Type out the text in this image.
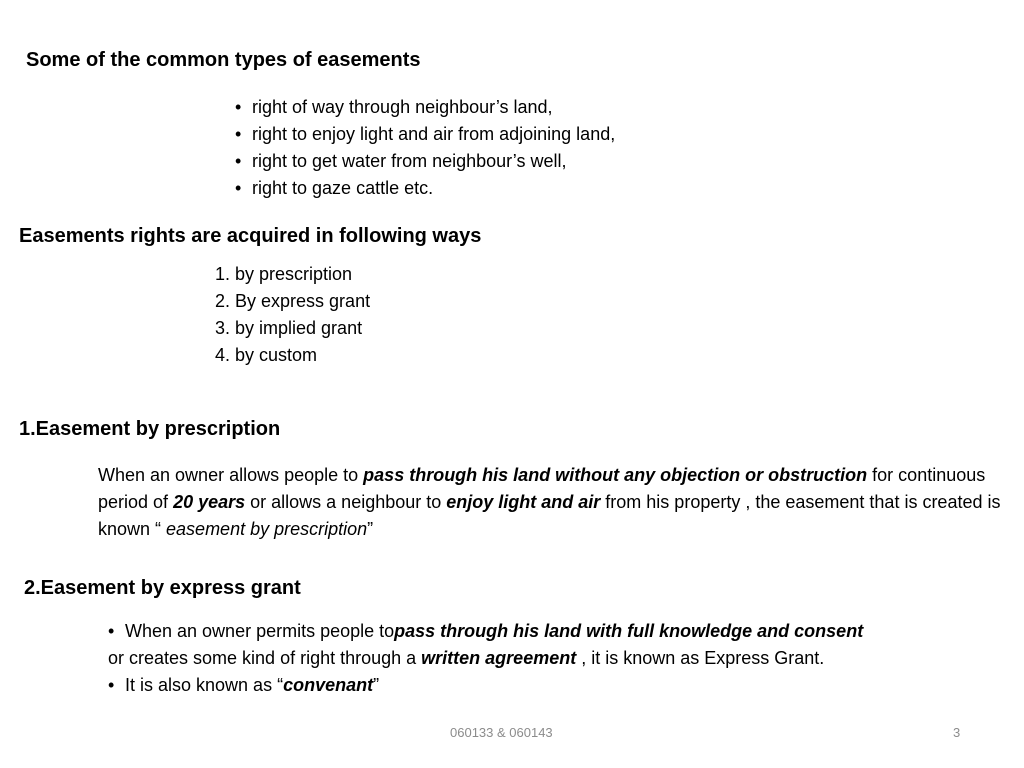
Some of the common types of easements
• right of way through neighbour’s land,
• right to enjoy light and air from adjoining land,
• right to get water from neighbour’s well,
• right to gaze cattle etc.
Easements rights are acquired in following ways
1. by prescription
2. By express grant
3. by implied grant
4. by custom
1.Easement by prescription

When an owner allows people to pass through his land without any objection or obstruction for continuous period of 20 years or allows a neighbour to enjoy light and air from his property , the easement that is created is known “ easement by prescription”

2.Easement by express grant
• When an owner permits people to pass through his land with full knowledge and consent
or creates some kind of right through a written agreement , it is known as Express Grant.
• It is also known as “ convenant ”
060133 & 060143	3
